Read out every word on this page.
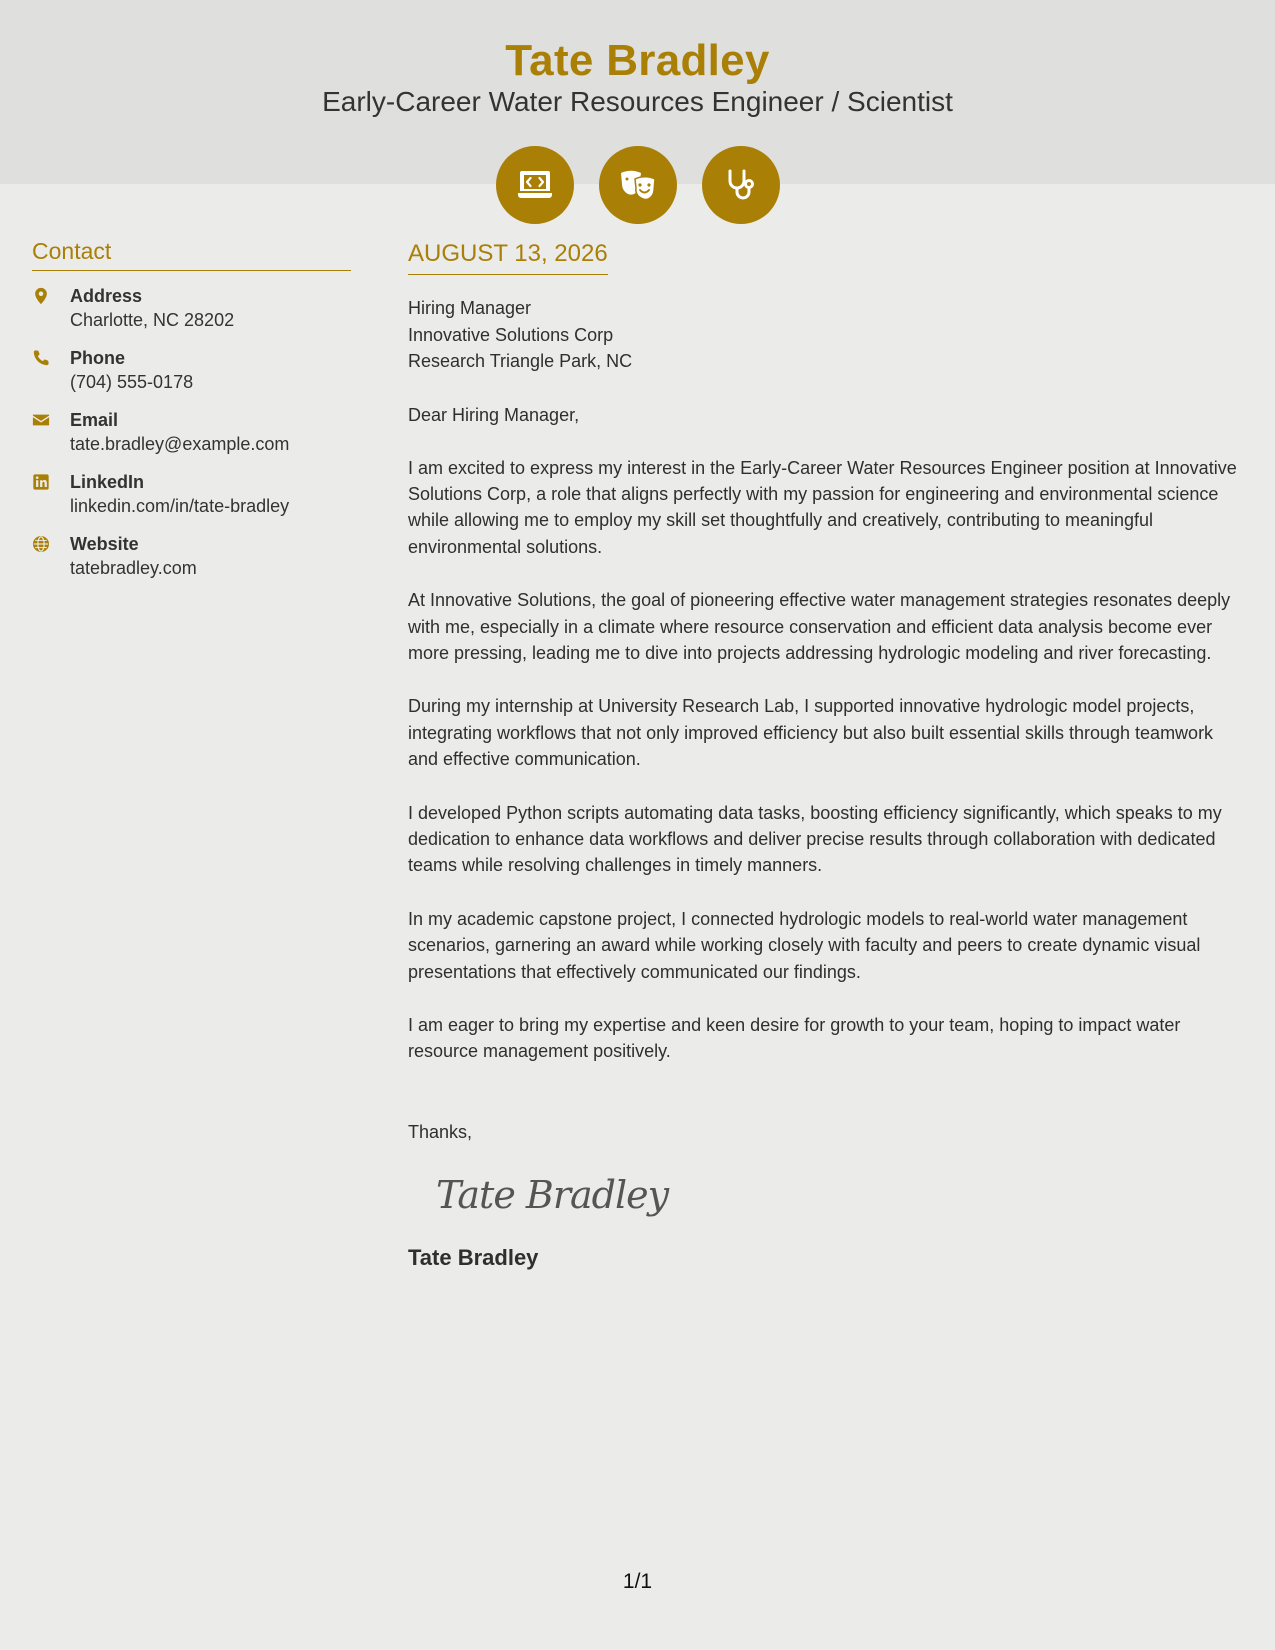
Tate Bradley
Early-Career Water Resources Engineer / Scientist
Contact
Address
Charlotte, NC 28202
Phone
(704) 555-0178
Email
tate.bradley@example.com
LinkedIn
linkedin.com/in/tate-bradley
Website
tatebradley.com
AUGUST 13, 2026
Hiring Manager
Innovative Solutions Corp
Research Triangle Park, NC
Dear Hiring Manager,
I am excited to express my interest in the Early-Career Water Resources Engineer position at Innovative Solutions Corp, a role that aligns perfectly with my passion for engineering and environmental science while allowing me to employ my skill set thoughtfully and creatively, contributing to meaningful environmental solutions.
At Innovative Solutions, the goal of pioneering effective water management strategies resonates deeply with me, especially in a climate where resource conservation and efficient data analysis become ever more pressing, leading me to dive into projects addressing hydrologic modeling and river forecasting.
During my internship at University Research Lab, I supported innovative hydrologic model projects, integrating workflows that not only improved efficiency but also built essential skills through teamwork and effective communication.
I developed Python scripts automating data tasks, boosting efficiency significantly, which speaks to my dedication to enhance data workflows and deliver precise results through collaboration with dedicated teams while resolving challenges in timely manners.
In my academic capstone project, I connected hydrologic models to real-world water management scenarios, garnering an award while working closely with faculty and peers to create dynamic visual presentations that effectively communicated our findings.
I am eager to bring my expertise and keen desire for growth to your team, hoping to impact water resource management positively.
Thanks,
Tate Bradley
Tate Bradley
1/1
